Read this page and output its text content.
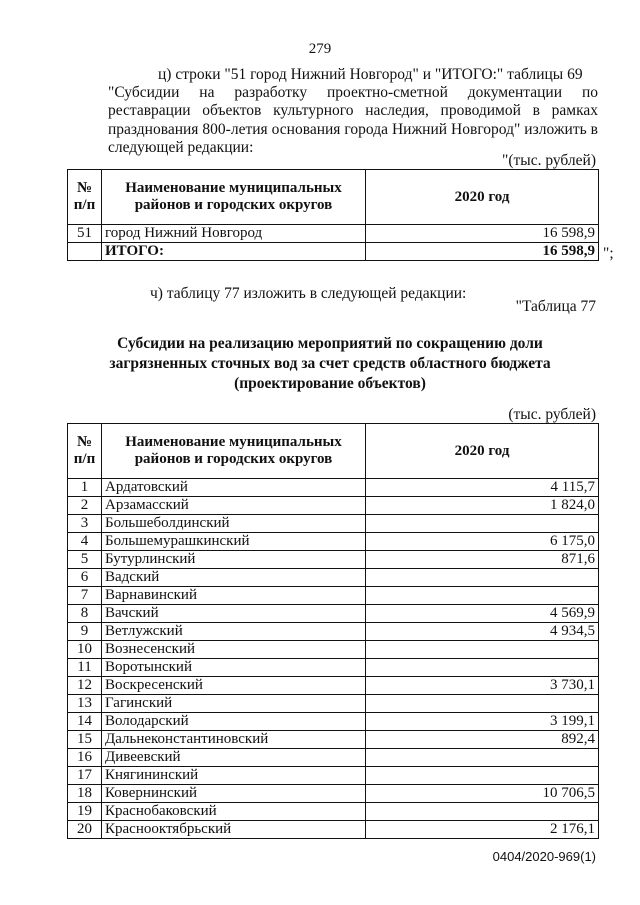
279
ц) строки "51 город Нижний Новгород" и "ИТОГО:" таблицы 69
"Субсидии на разработку проектно-сметной документации по реставрации объектов культурного наследия, проводимой в рамках празднования 800-летия основания города Нижний Новгород" изложить в следующей редакции:
"(тыс. рублей)
№ п/п	Наименование муниципальных районов и городских округов	2020 год
51	город Нижний Новгород	16 598,9
	ИТОГО:	16 598,9 ";
ч) таблицу 77 изложить в следующей редакции:
"Таблица 77
Субсидии на реализацию мероприятий по сокращению доли
загрязненных сточных вод за счет средств областного бюджета
(проектирование объектов)
(тыс. рублей)
№ п/п	Наименование муниципальных районов и городских округов	2020 год
1	Ардатовский	4 115,7
2	Арзамасский	1 824,0
3	Большеболдинский	
4	Большемурашкинский	6 175,0
5	Бутурлинский	871,6
6	Вадский	
7	Варнавинский	
8	Вачский	4 569,9
9	Ветлужский	4 934,5
10	Вознесенский	
11	Воротынский	
12	Воскресенский	3 730,1
13	Гагинский	
14	Володарский	3 199,1
15	Дальнеконстантиновский	892,4
16	Дивеевский	
17	Княгининский	
18	Ковернинский	10 706,5
19	Краснобаковский	
20	Краснооктябрьский	2 176,1
0404/2020-969(1)
